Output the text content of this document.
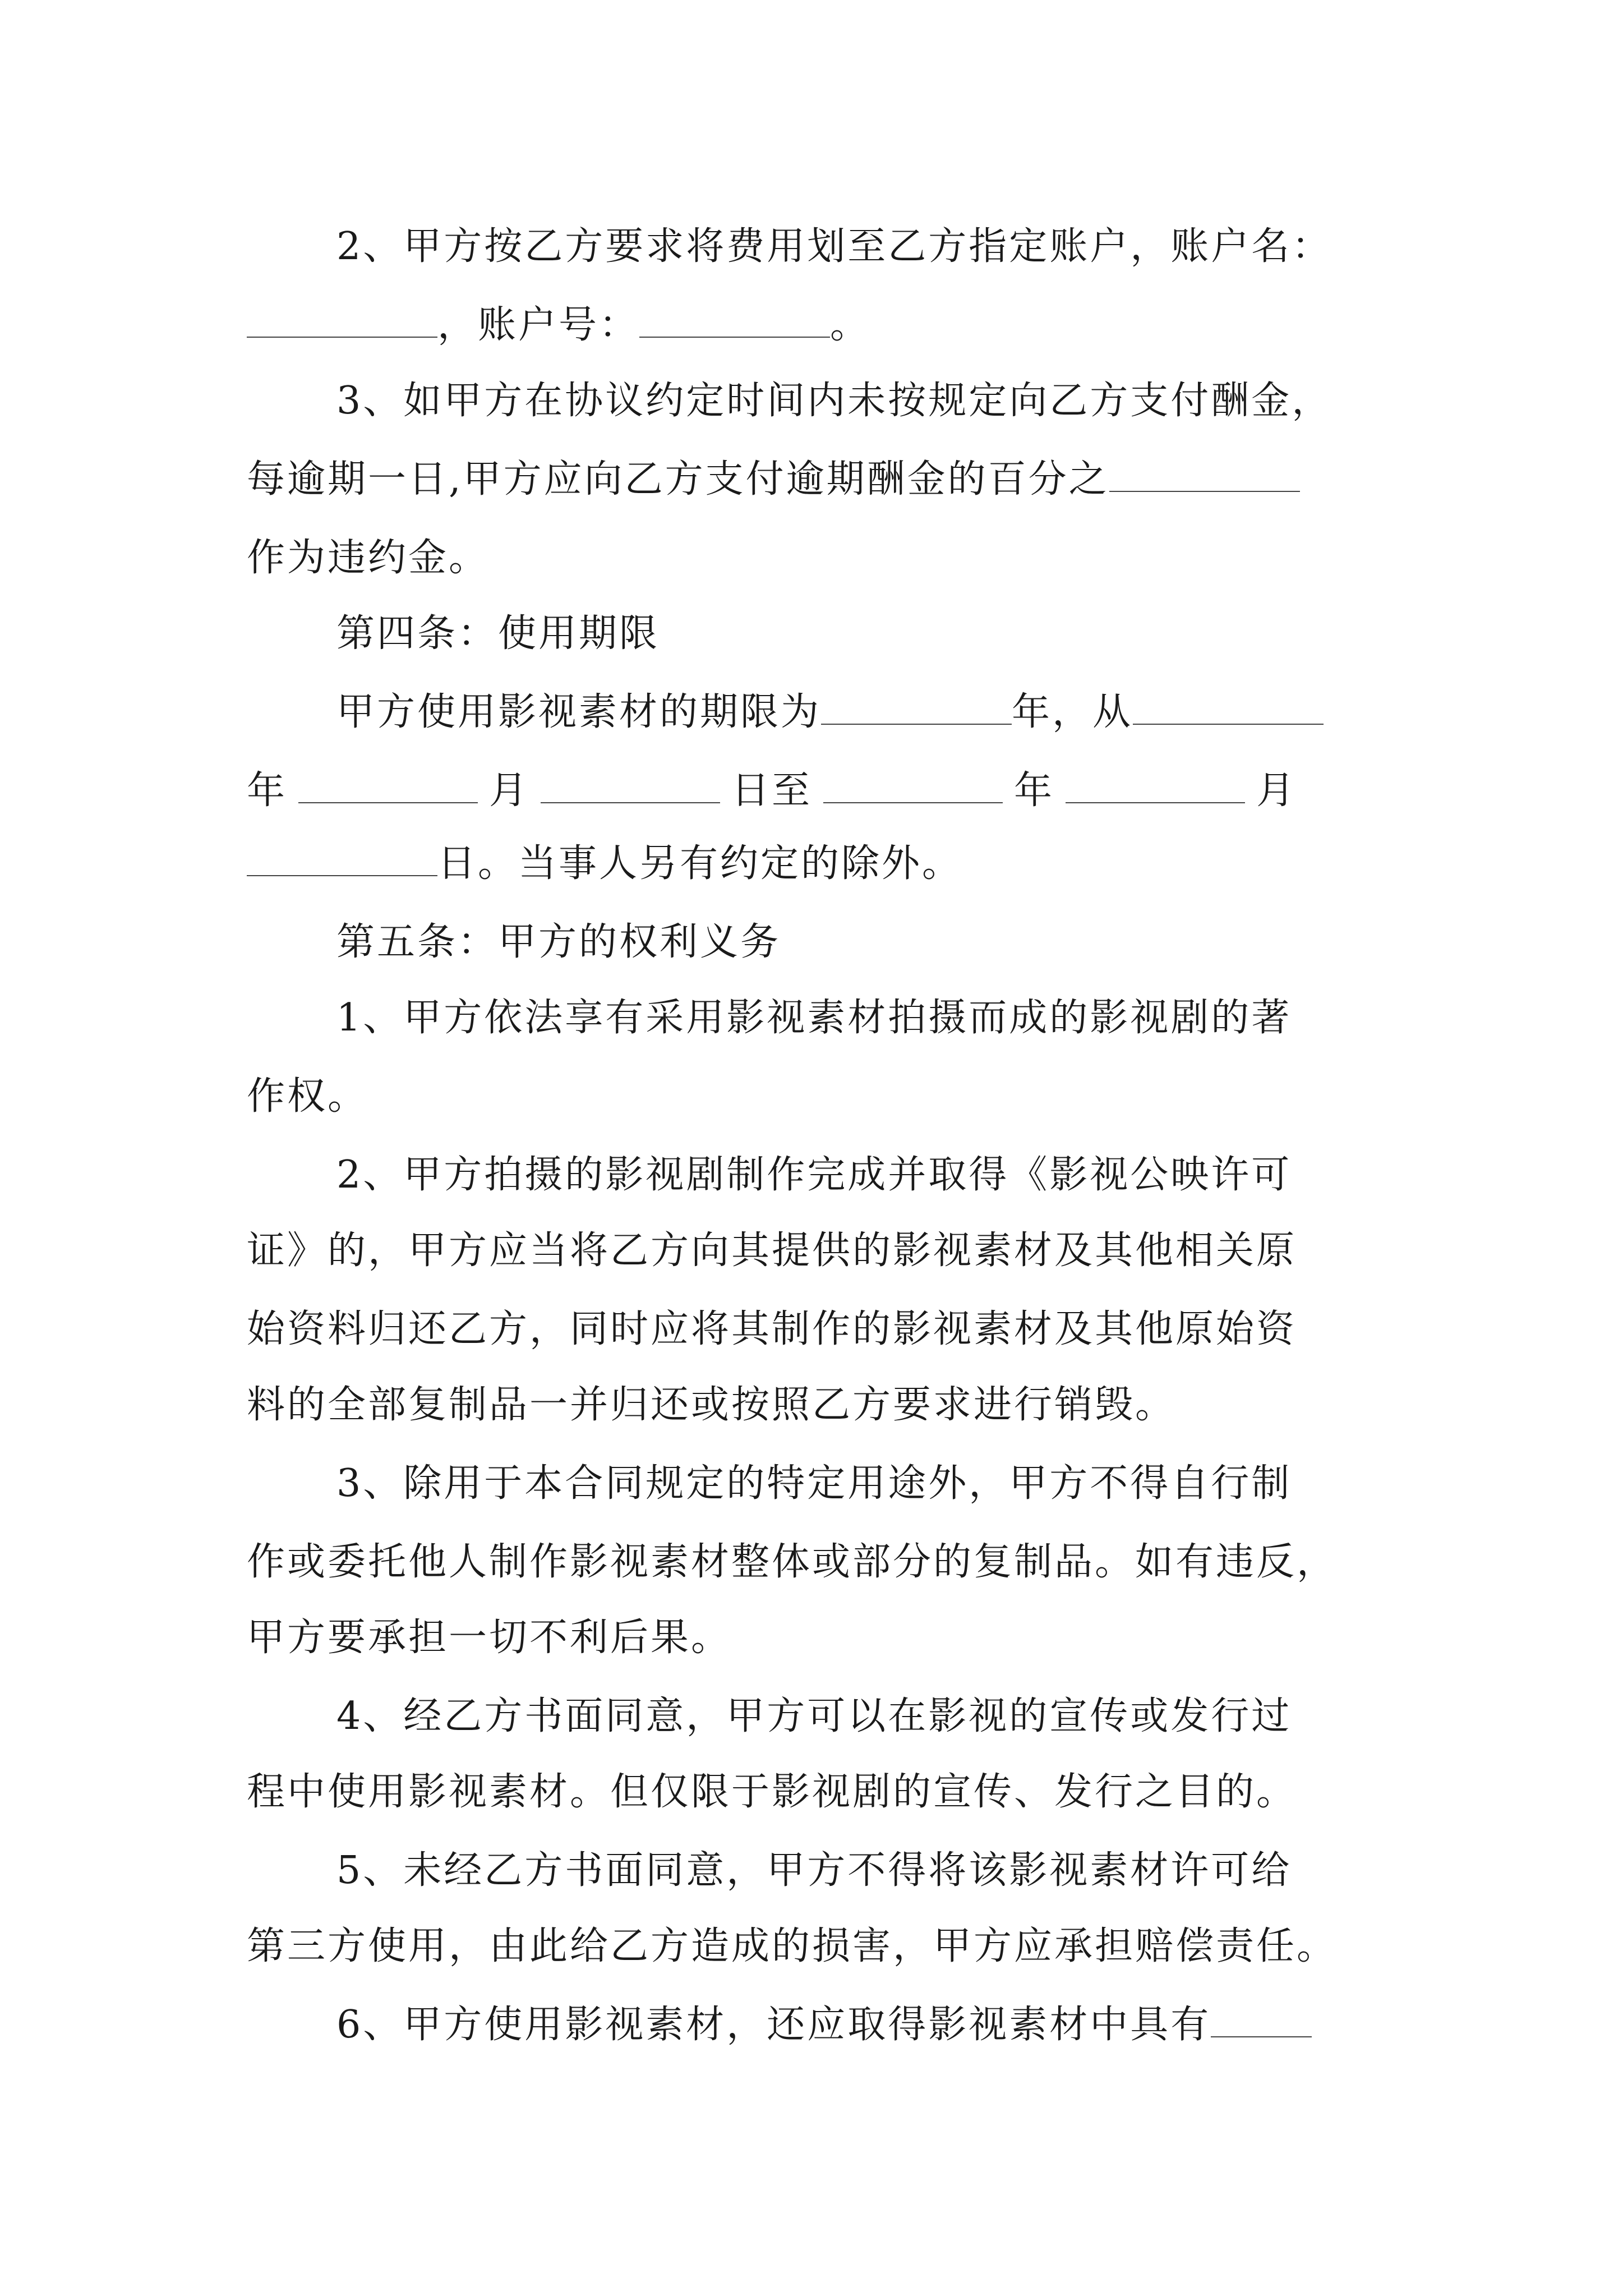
2、甲方按乙方要求将费用划至乙方指定账户，账户名：
，账户号：	。
3、如甲方在协议约定时间内未按规定向乙方支付酬金，
每逾期一日,甲方应向乙方支付逾期酬金的百分之
作为违约金。
第四条：使用期限
甲方使用影视素材的期限为	年，从
年	月	日至	年	月
日。当事人另有约定的除外。
第五条：甲方的权利义务
1、甲方依法享有采用影视素材拍摄而成的影视剧的著
作权。
2、甲方拍摄的影视剧制作完成并取得《影视公映许可
证》的，甲方应当将乙方向其提供的影视素材及其他相关原
始资料归还乙方，同时应将其制作的影视素材及其他原始资
料的全部复制品一并归还或按照乙方要求进行销毁。
3、除用于本合同规定的特定用途外，甲方不得自行制
作或委托他人制作影视素材整体或部分的复制品。如有违反，
甲方要承担一切不利后果。
4、经乙方书面同意，甲方可以在影视的宣传或发行过
程中使用影视素材。但仅限于影视剧的宣传、发行之目的。
5、未经乙方书面同意，甲方不得将该影视素材许可给
第三方使用，由此给乙方造成的损害，甲方应承担赔偿责任。
6、甲方使用影视素材，还应取得影视素材中具有
